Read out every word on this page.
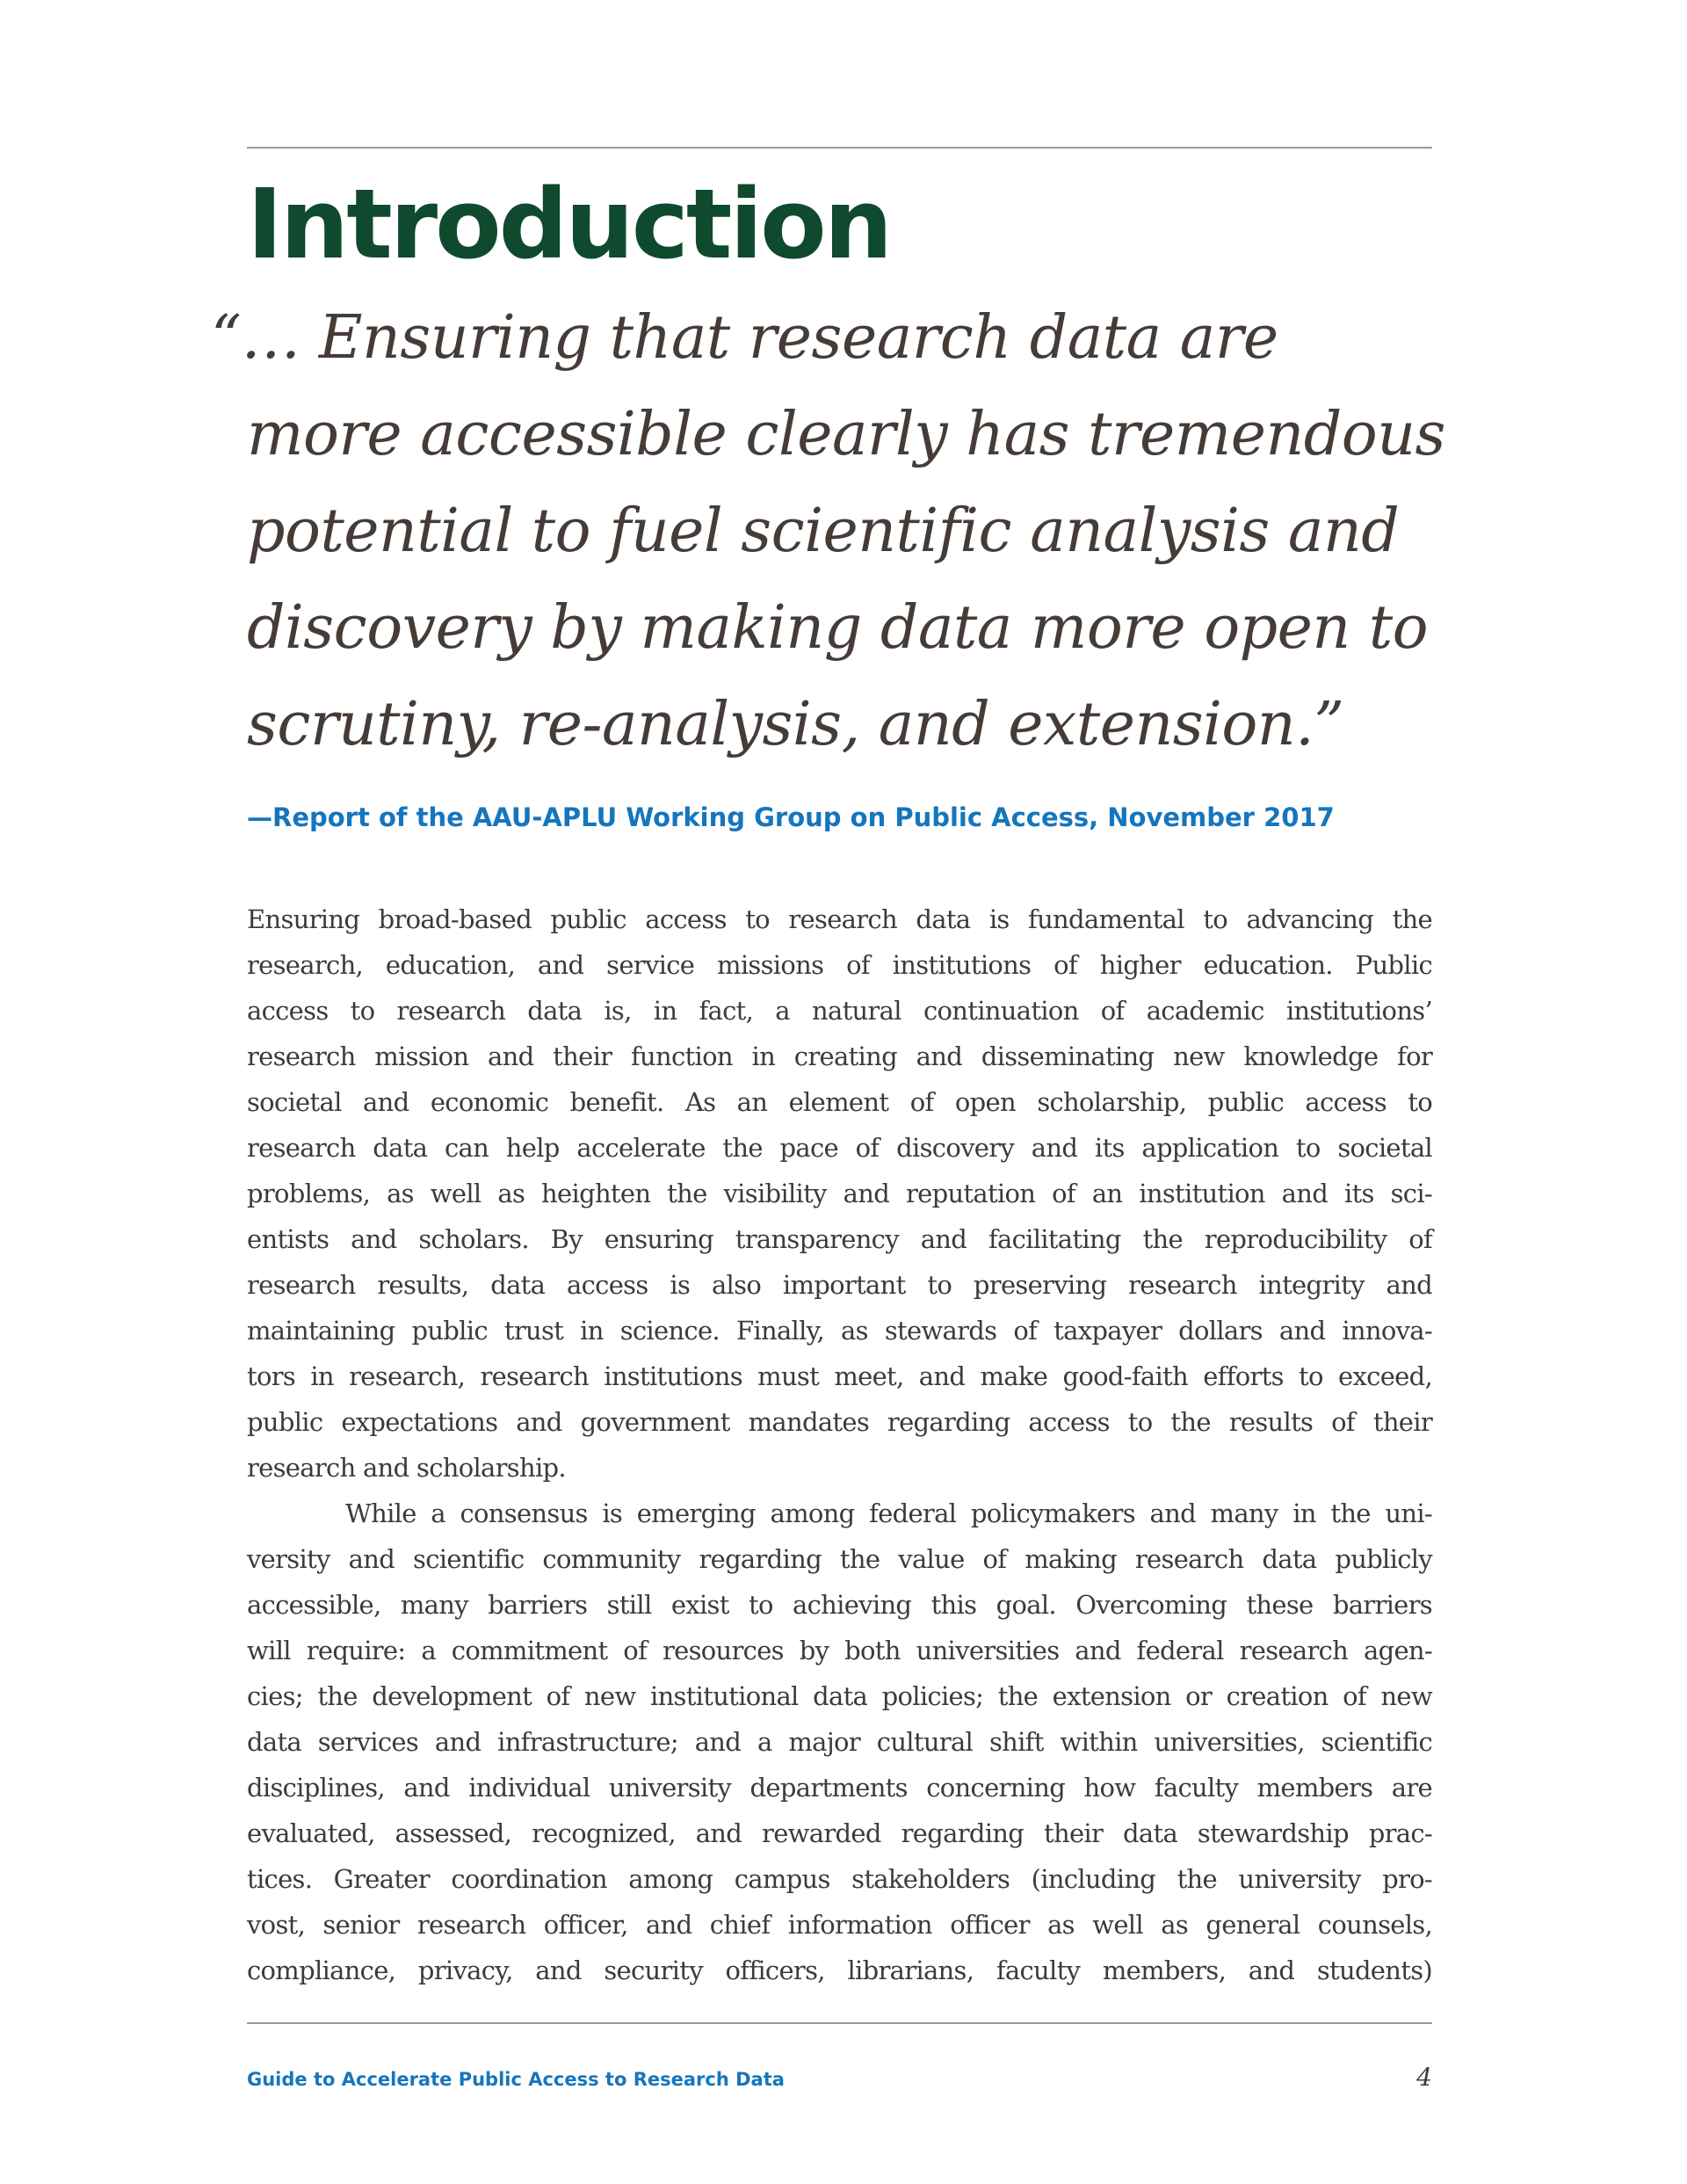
Introduction
“… Ensuring that research data are
more accessible clearly has tremendous
potential to fuel scientific analysis and
discovery by making data more open to
scrutiny, re-analysis, and extension.”

—Report of the AAU-APLU Working Group on Public Access, November 2017

Ensuring broad-based public access to research data is fundamental to advancing the
research, education, and service missions of institutions of higher education. Public
access to research data is, in fact, a natural continuation of academic institutions’
research mission and their function in creating and disseminating new knowledge for
societal and economic benefit. As an element of open scholarship, public access to
research data can help accelerate the pace of discovery and its application to societal
problems, as well as heighten the visibility and reputation of an institution and its sci-
entists and scholars. By ensuring transparency and facilitating the reproducibility of
research results, data access is also important to preserving research integrity and
maintaining public trust in science. Finally, as stewards of taxpayer dollars and innova-
tors in research, research institutions must meet, and make good-faith efforts to exceed,
public expectations and government mandates regarding access to the results of their
research and scholarship.

While a consensus is emerging among federal policymakers and many in the uni-
versity and scientific community regarding the value of making research data publicly
accessible, many barriers still exist to achieving this goal. Overcoming these barriers
will require: a commitment of resources by both universities and federal research agen-
cies; the development of new institutional data policies; the extension or creation of new
data services and infrastructure; and a major cultural shift within universities, scientific
disciplines, and individual university departments concerning how faculty members are
evaluated, assessed, recognized, and rewarded regarding their data stewardship prac-
tices. Greater coordination among campus stakeholders (including the university pro-
vost, senior research officer, and chief information officer as well as general counsels,
compliance, privacy, and security officers, librarians, faculty members, and students)

Guide to Accelerate Public Access to Research Data	4
